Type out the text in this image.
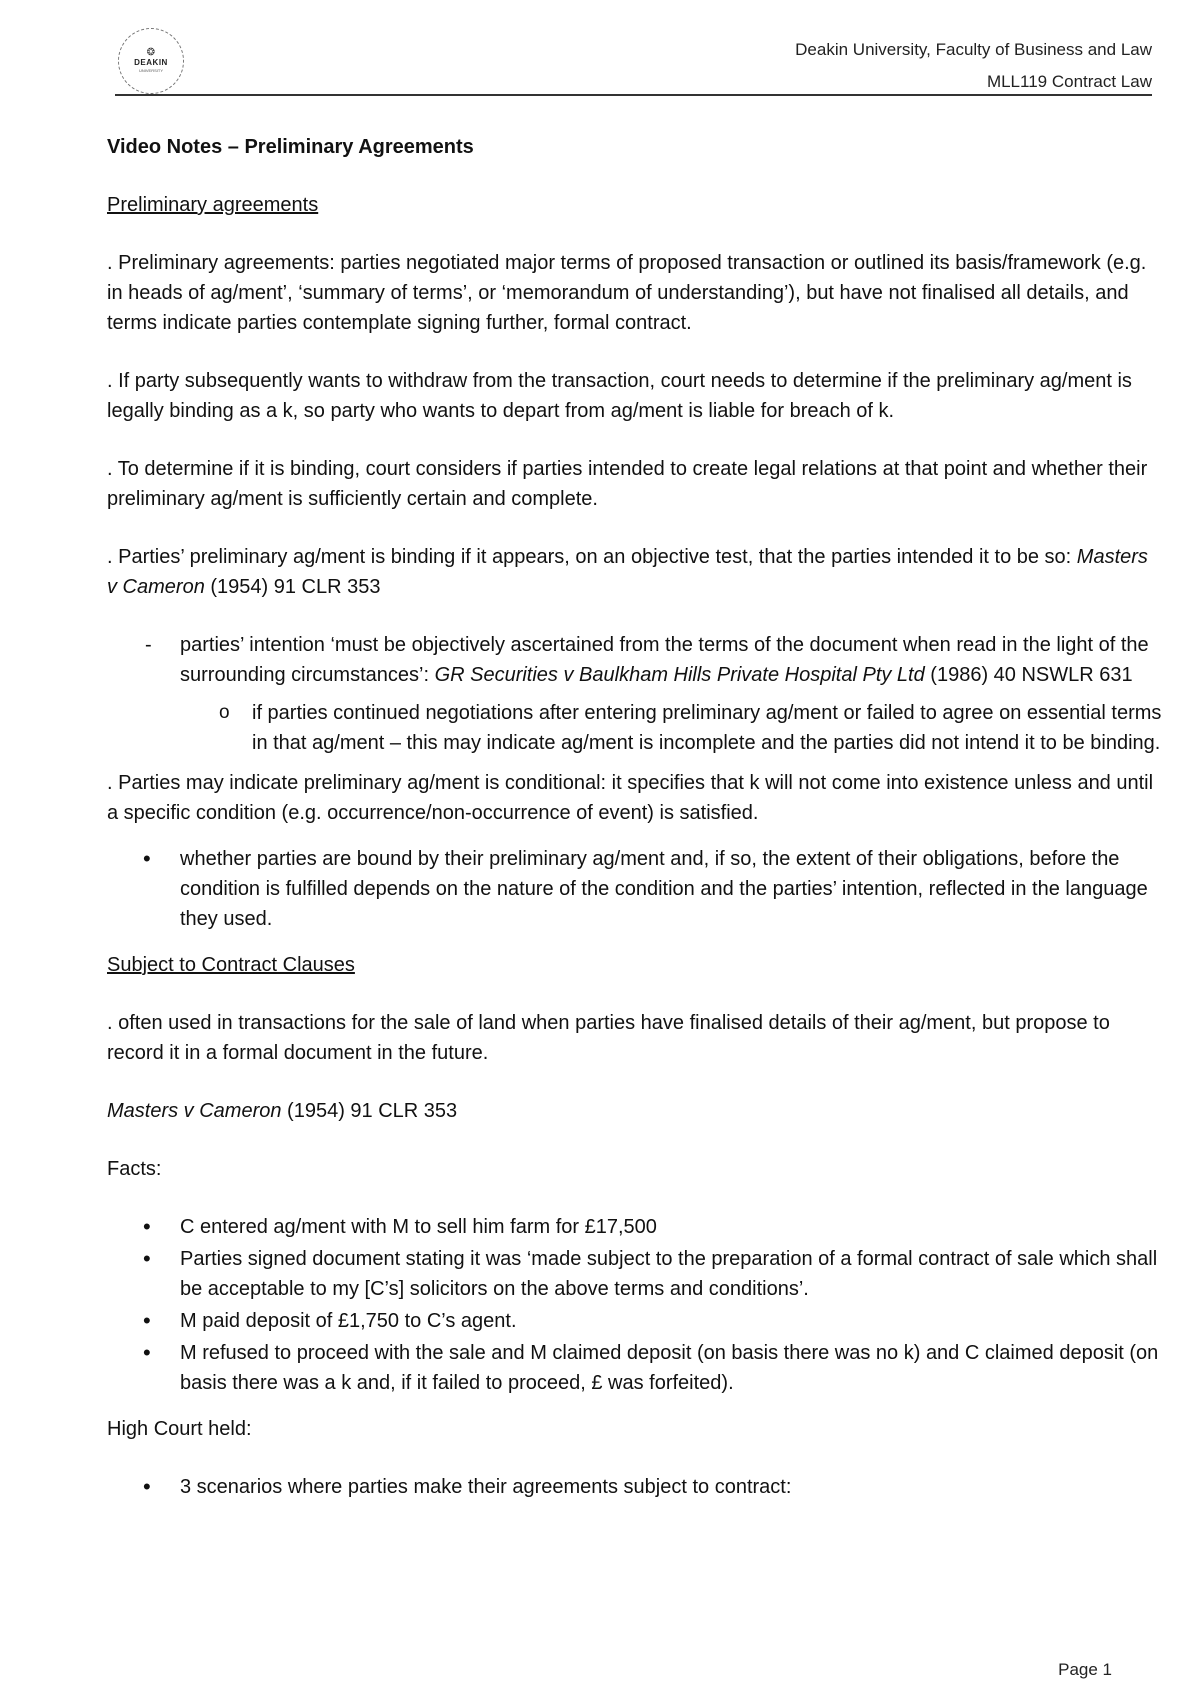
❂
DEAKIN
UNIVERSITY
Deakin University, Faculty of Business and Law
MLL119 Contract Law

Video Notes – Preliminary Agreements

Preliminary agreements

. Preliminary agreements: parties negotiated major terms of proposed transaction or outlined its basis/framework (e.g. in heads of ag/ment’, ‘summary of terms’, or ‘memorandum of understanding’), but have not finalised all details, and terms indicate parties contemplate signing further, formal contract.

. If party subsequently wants to withdraw from the transaction, court needs to determine if the preliminary ag/ment is legally binding as a k, so party who wants to depart from ag/ment is liable for breach of k.

. To determine if it is binding, court considers if parties intended to create legal relations at that point and whether their preliminary ag/ment is sufficiently certain and complete.

. Parties’ preliminary ag/ment is binding if it appears, on an objective test, that the parties intended it to be so: Masters v Cameron (1954) 91 CLR 353

- parties’ intention ‘must be objectively ascertained from the terms of the document when read in the light of the surrounding circumstances’: GR Securities v Baulkham Hills Private Hospital Pty Ltd (1986) 40 NSWLR 631
o if parties continued negotiations after entering preliminary ag/ment or failed to agree on essential terms in that ag/ment – this may indicate ag/ment is incomplete and the parties did not intend it to be binding.

. Parties may indicate preliminary ag/ment is conditional: it specifies that k will not come into existence unless and until a specific condition (e.g. occurrence/non-occurrence of event) is satisfied.

• whether parties are bound by their preliminary ag/ment and, if so, the extent of their obligations, before the condition is fulfilled depends on the nature of the condition and the parties’ intention, reflected in the language they used.

Subject to Contract Clauses

. often used in transactions for the sale of land when parties have finalised details of their ag/ment, but propose to record it in a formal document in the future.

Masters v Cameron (1954) 91 CLR 353

Facts:

• C entered ag/ment with M to sell him farm for £17,500
• Parties signed document stating it was ‘made subject to the preparation of a formal contract of sale which shall be acceptable to my [C’s] solicitors on the above terms and conditions’.
• M paid deposit of £1,750 to C’s agent.
• M refused to proceed with the sale and M claimed deposit (on basis there was no k) and C claimed deposit (on basis there was a k and, if it failed to proceed, £ was forfeited).

High Court held:

• 3 scenarios where parties make their agreements subject to contract:
Page 1
